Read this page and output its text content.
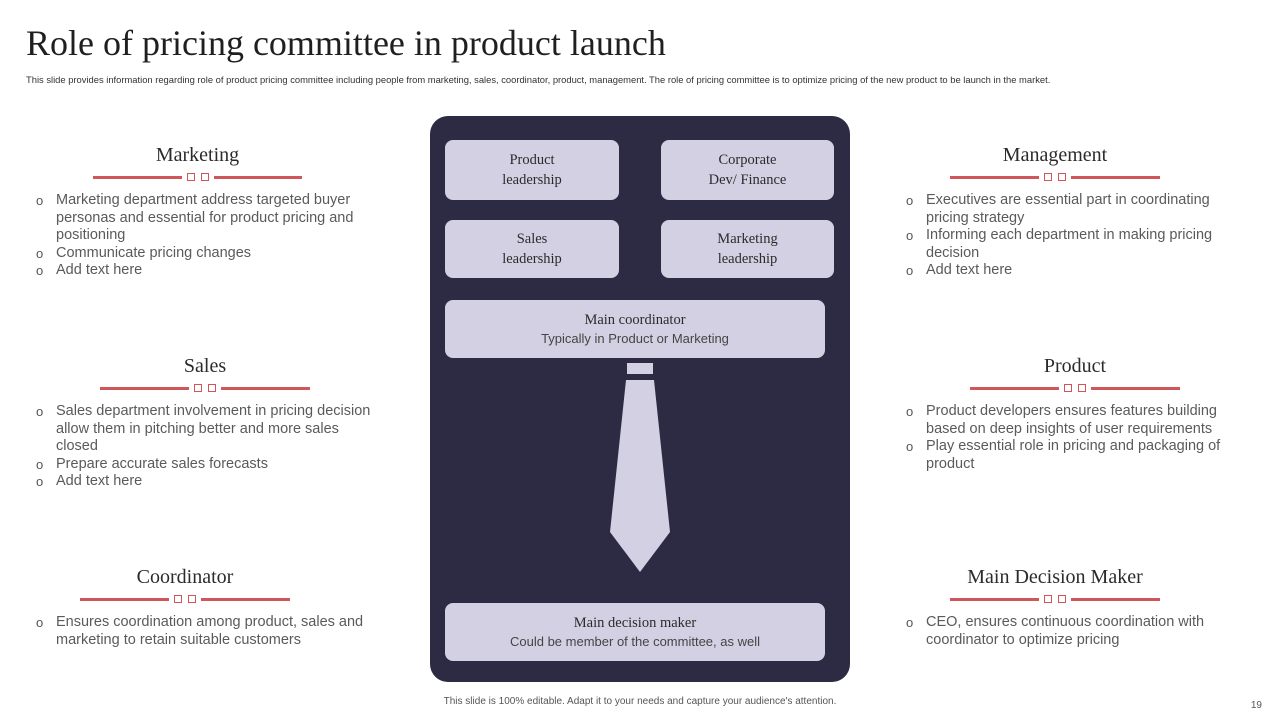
Role of pricing committee in product launch

This slide provides information regarding role of product pricing committee including people from marketing, sales, coordinator, product, management. The role of pricing committee is to optimize pricing of the new product to be launch in the market.

Marketing
o Marketing department address targeted buyer personas and essential for product pricing and positioning
o Communicate pricing changes
o Add text here
Sales
o Sales department involvement in pricing decision allow them in pitching better and more sales closed
o Prepare accurate sales forecasts
o Add text here
Coordinator
o Ensures coordination among product, sales and marketing to retain suitable customers
Management
o Executives are essential part in coordinating pricing strategy
o Informing each department in making pricing decision
o Add text here
Product
o Product developers ensures features building based on deep insights of user requirements
o Play essential role in pricing and packaging of product
Main Decision Maker
o CEO, ensures continuous coordination with coordinator to optimize pricing
Product
leadership
Corporate
Dev/ Finance
Sales
leadership
Marketing
leadership
Main coordinator
Typically in Product or Marketing
Main decision maker
Could be member of the committee, as well
This slide is 100% editable. Adapt it to your needs and capture your audience's attention.	19
